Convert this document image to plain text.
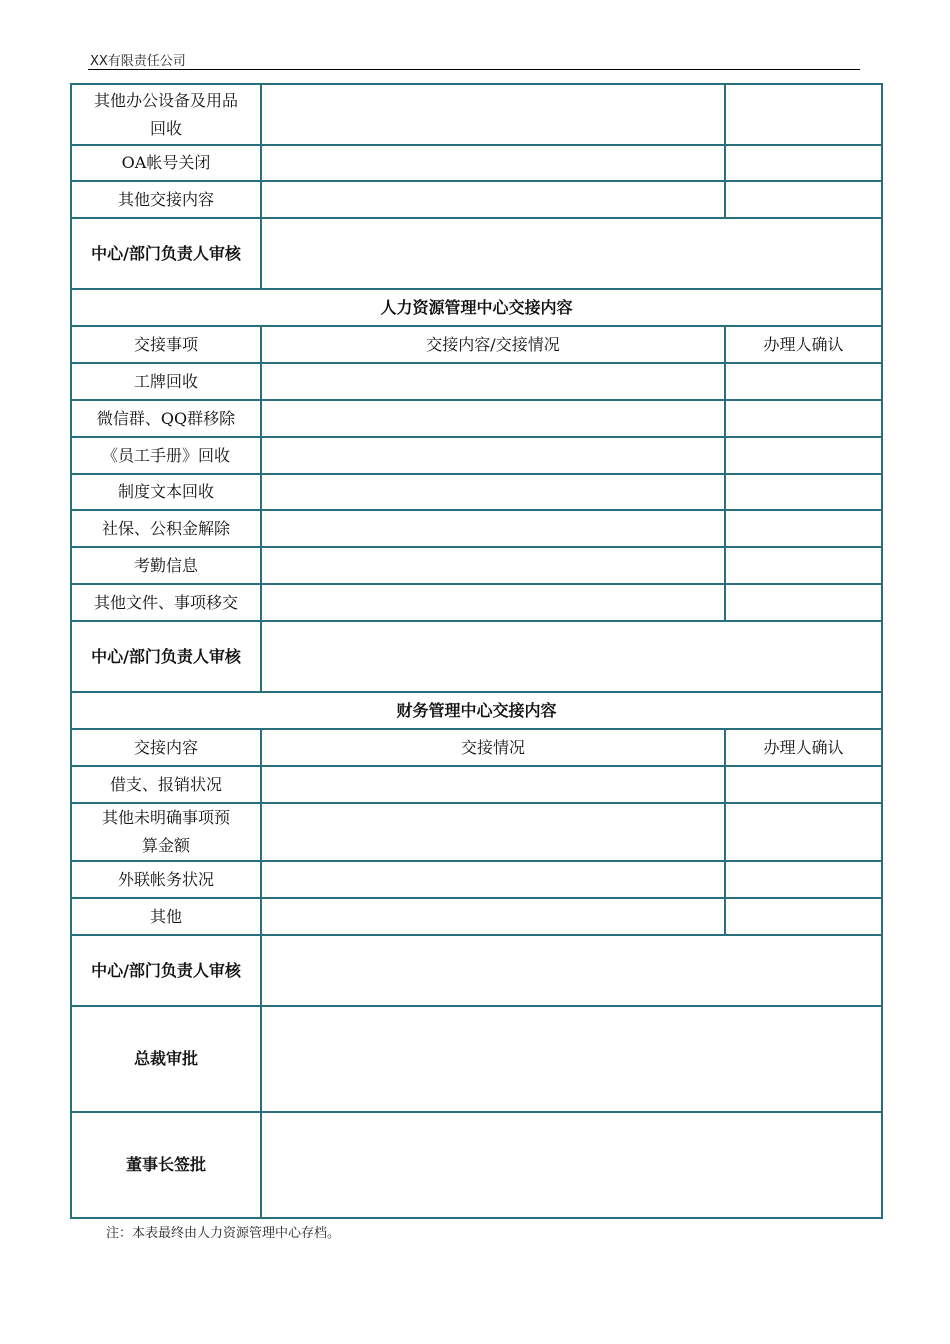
XX有限责任公司
其他办公设备及用品回收		
OA帐号关闭		
其他交接内容		
中心/部门负责人审核		
人力资源管理中心交接内容		
交接事项	交接内容/交接情况	办理人确认
工牌回收		
微信群、QQ群移除		
《员工手册》回收		
制度文本回收		
社保、公积金解除		
考勤信息		
其他文件、事项移交		
中心/部门负责人审核		
财务管理中心交接内容		
交接内容	交接情况	办理人确认
借支、报销状况		
其他未明确事项预算金额		
外联帐务状况		
其他		
中心/部门负责人审核		
总裁审批		
董事长签批		
注：本表最终由人力资源管理中心存档。
